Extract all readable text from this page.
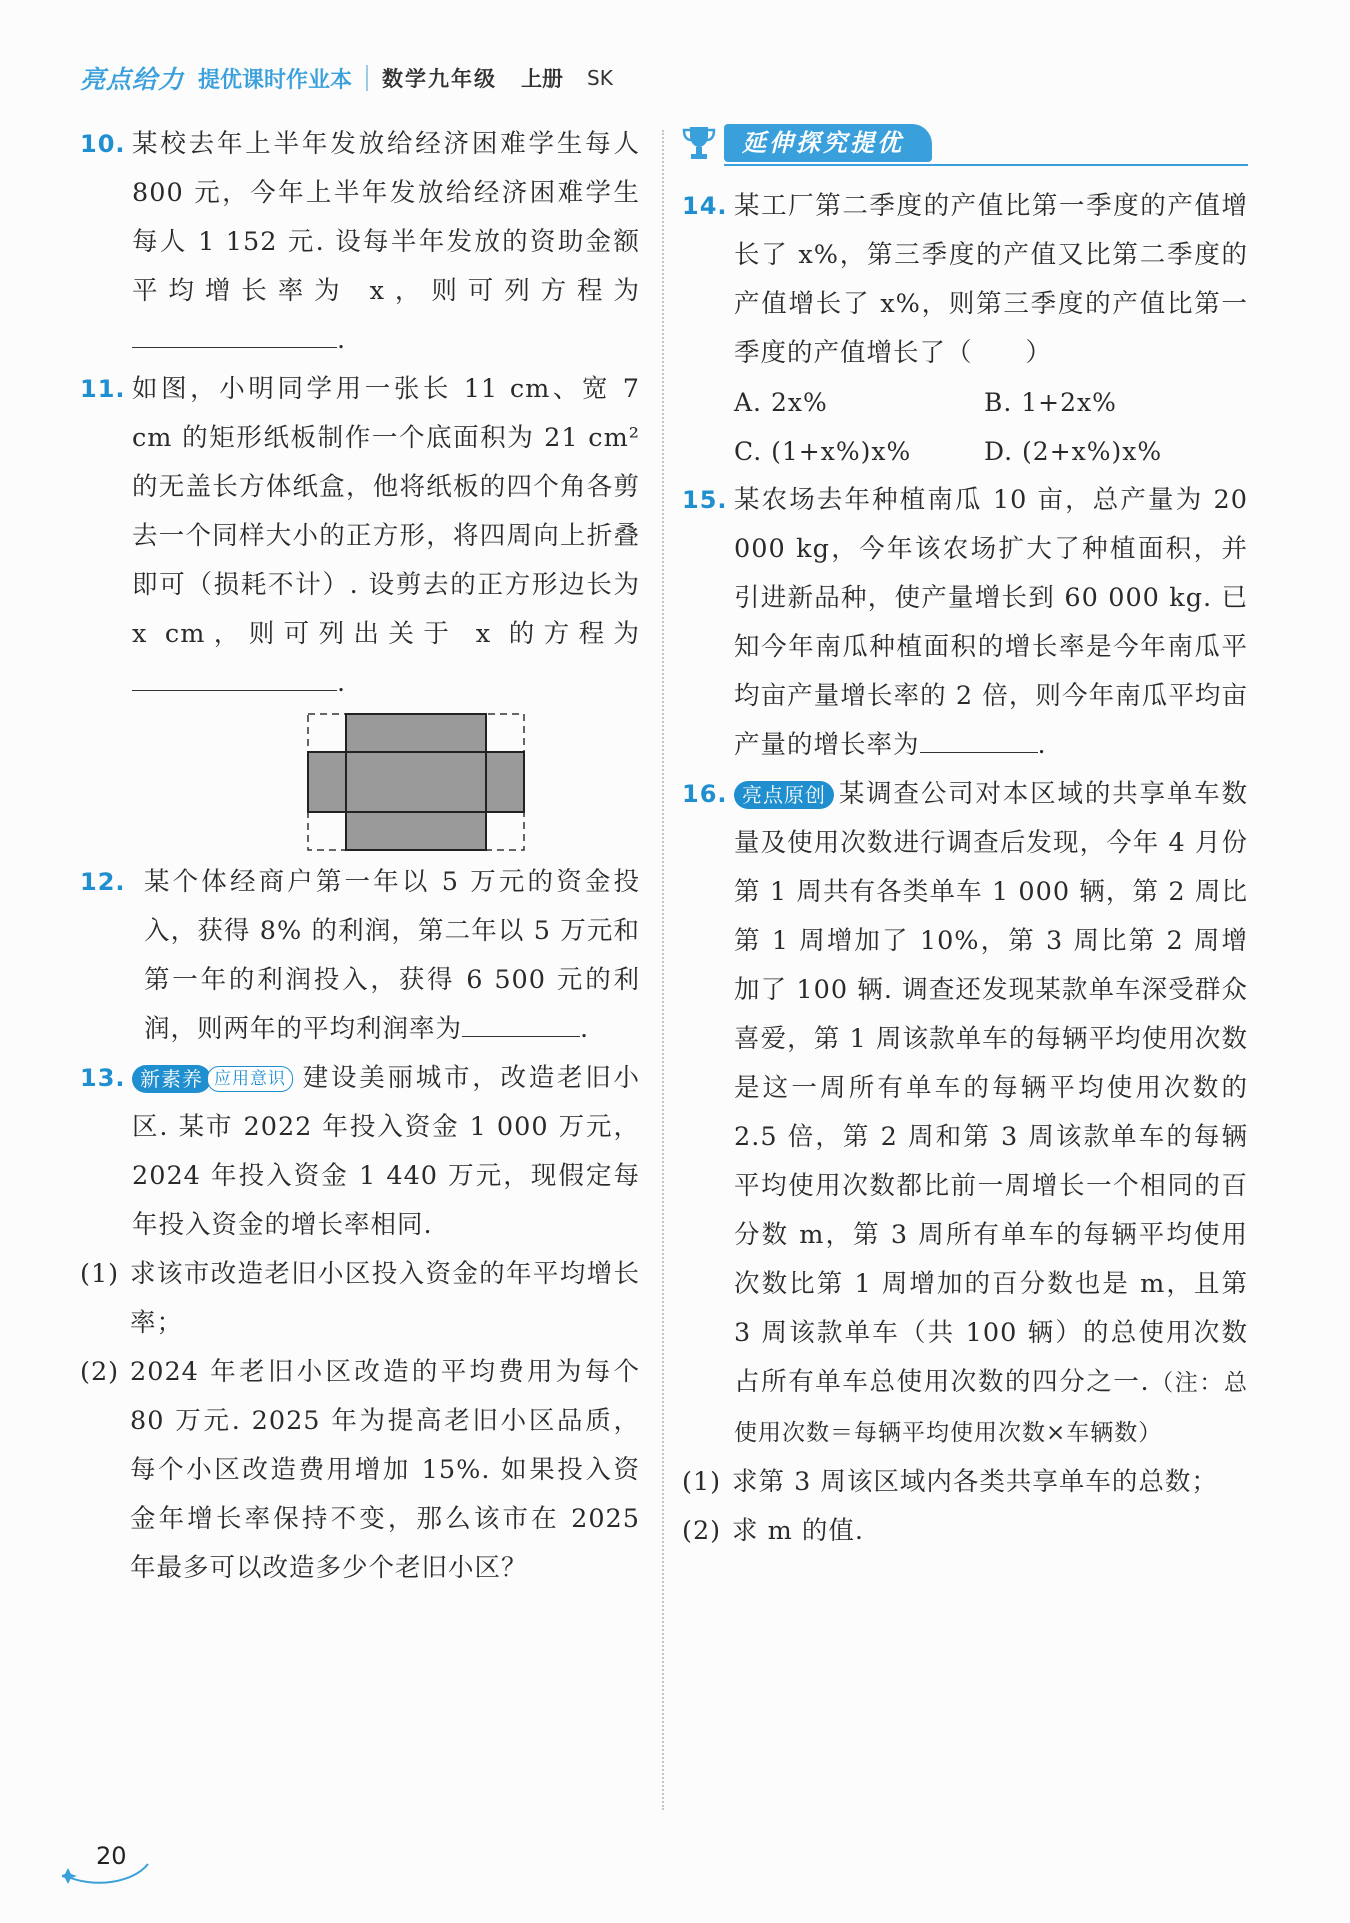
亮点给力 提优课时作业本 数学九年级 上册 SK
10. 某校去年上半年发放给经济困难学生每人 800 元，今年上半年发放给经济困难学生每人 1 152 元. 设每半年发放的资助金额平均增长率为 x，则可列方程为.
11. 如图，小明同学用一张长 11 cm、宽 7 cm 的矩形纸板制作一个底面积为 21 cm² 的无盖长方体纸盒，他将纸板的四个角各剪去一个同样大小的正方形，将四周向上折叠即可（损耗不计）. 设剪去的正方形边长为 x cm，则可列出关于 x 的方程为.
12. 某个体经商户第一年以 5 万元的资金投入，获得 8% 的利润，第二年以 5 万元和第一年的利润投入，获得 6 500 元的利润，则两年的平均利润率为	.
13. 新素养 应用意识 建设美丽城市，改造老旧小区. 某市 2022 年投入资金 1 000 万元，2024 年投入资金 1 440 万元，现假定每年投入资金的增长率相同.
(1) 求该市改造老旧小区投入资金的年平均增长率；
(2) 2024 年老旧小区改造的平均费用为每个 80 万元. 2025 年为提高老旧小区品质，每个小区改造费用增加 15%. 如果投入资金年增长率保持不变，那么该市在 2025 年最多可以改造多少个老旧小区？
延伸探究提优
14. 某工厂第二季度的产值比第一季度的产值增长了 x%，第三季度的产值又比第二季度的产值增长了 x%，则第三季度的产值比第一季度的产值增长了（　　）
A. 2x%	B. 1+2x%
C. (1+x%)x%	D. (2+x%)x%
15. 某农场去年种植南瓜 10 亩，总产量为 20 000 kg，今年该农场扩大了种植面积，并引进新品种，使产量增长到 60 000 kg. 已知今年南瓜种植面积的增长率是今年南瓜平均亩产量增长率的 2 倍，则今年南瓜平均亩产量的增长率为	.
16. 亮点原创 某调查公司对本区域的共享单车数量及使用次数进行调查后发现，今年 4 月份第 1 周共有各类单车 1 000 辆，第 2 周比第 1 周增加了 10%，第 3 周比第 2 周增加了 100 辆. 调查还发现某款单车深受群众喜爱，第 1 周该款单车的每辆平均使用次数是这一周所有单车的每辆平均使用次数的 2.5 倍，第 2 周和第 3 周该款单车的每辆平均使用次数都比前一周增长一个相同的百分数 m，第 3 周所有单车的每辆平均使用次数比第 1 周增加的百分数也是 m，且第 3 周该款单车（共 100 辆）的总使用次数占所有单车总使用次数的四分之一.（注：总使用次数＝每辆平均使用次数×车辆数）
(1) 求第 3 周该区域内各类共享单车的总数；
(2) 求 m 的值.
20
